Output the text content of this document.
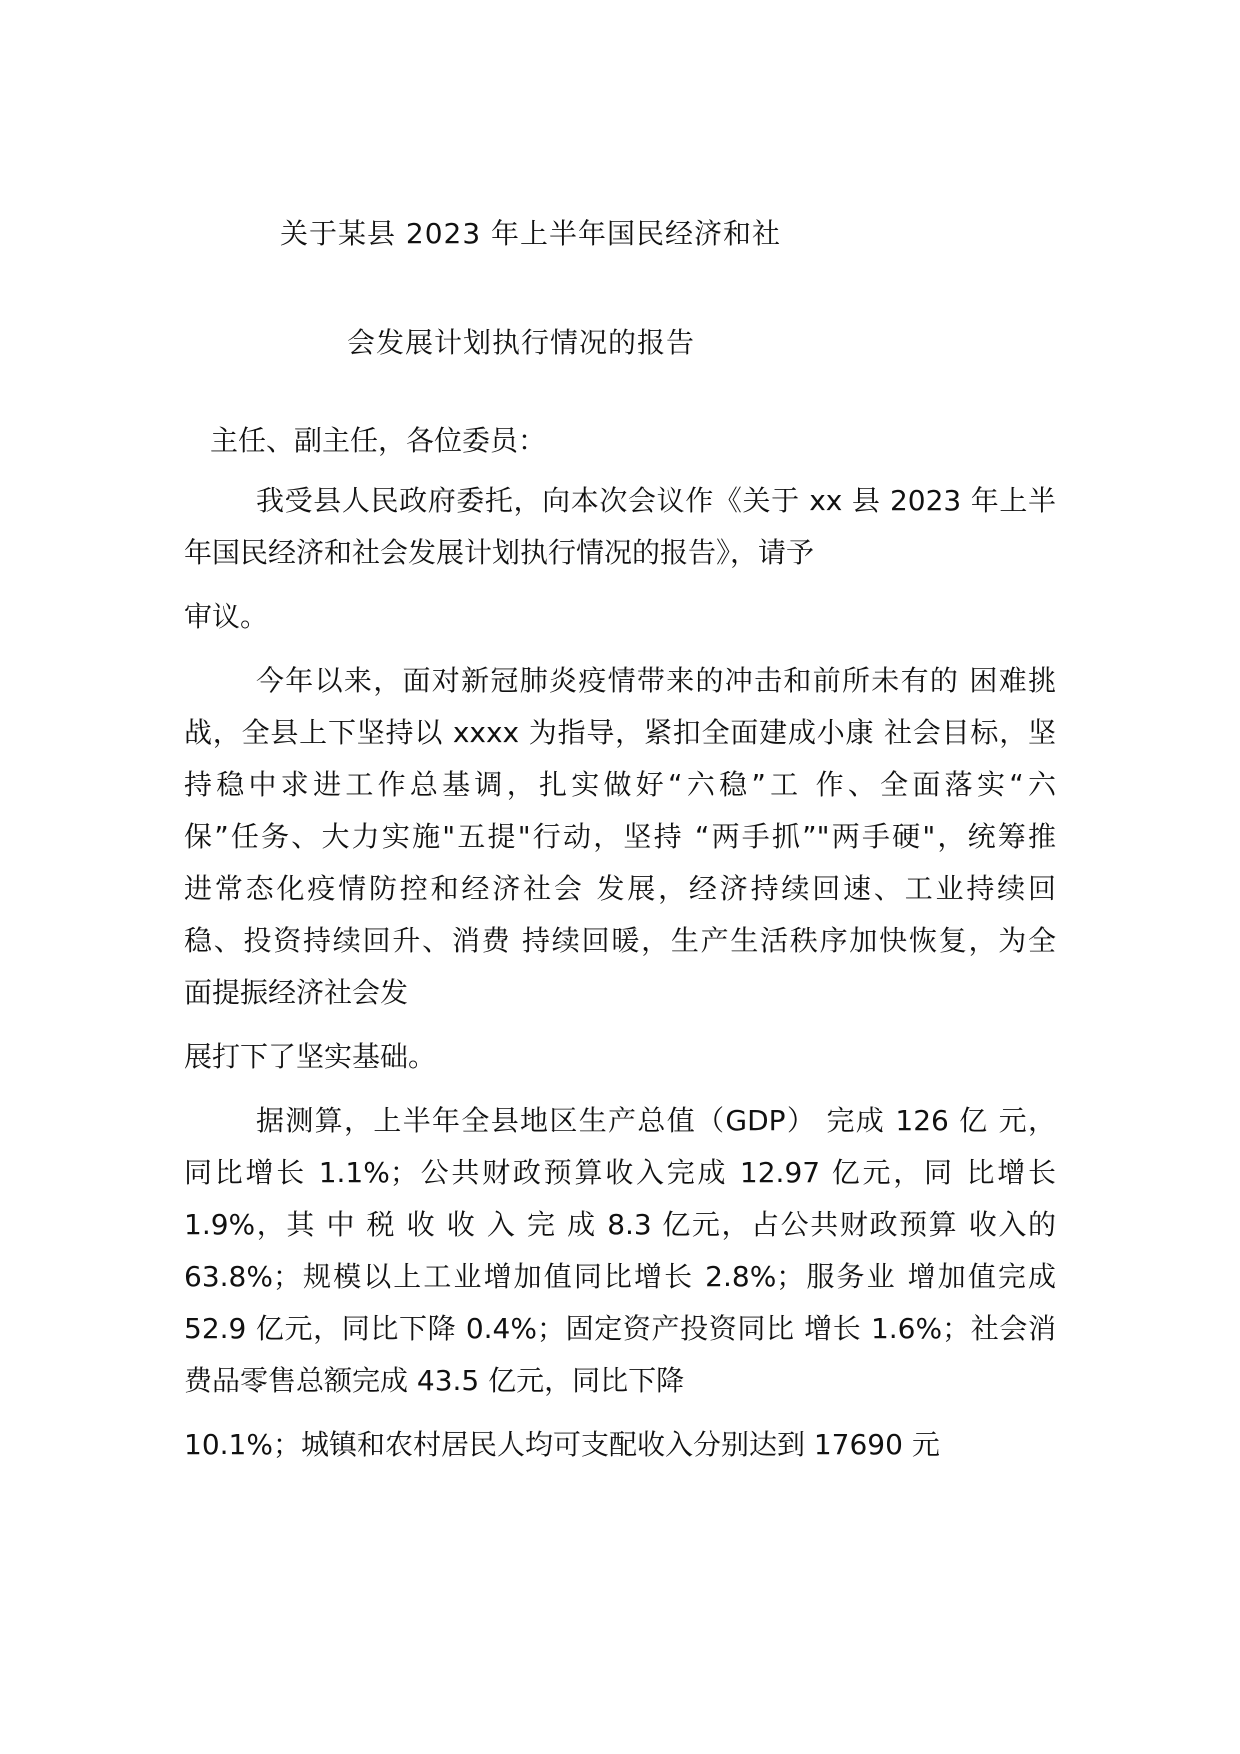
关于某县 2023 年上半年国民经济和社
会发展计划执行情况的报告
主任、副主任，各位委员：
我受县人民政府委托，向本次会议作《关于 xx 县 2023 年上半
年国民经济和社会发展计划执行情况的报告》，请予
审议。
今年以来，面对新冠肺炎疫情带来的冲击和前所未有的 困难挑
战，全县上下坚持以 xxxx 为指导，紧扣全面建成小康 社会目标，坚
持稳中求进工作总基调，扎实做好“六稳”工 作、全面落实“六
保”任务、大力实施"五提"行动，坚持 “两手抓”"两手硬"，统筹推
进常态化疫情防控和经济社会 发展，经济持续回速、工业持续回
稳、投资持续回升、消费 持续回暖，生产生活秩序加快恢复，为全
面提振经济社会发
展打下了坚实基础。
据测算，上半年全县地区生产总值（GDP） 完成 126 亿 元，
同比增长 1.1%；公共财政预算收入完成 12.97 亿元，同 比增长
1.9%，其 中 税 收 收 入 完 成 8.3 亿元，占公共财政预算 收入的
63.8%；规模以上工业增加值同比增长 2.8%；服务业 增加值完成
52.9 亿元，同比下降 0.4%；固定资产投资同比 增长 1.6%；社会消
费品零售总额完成 43.5 亿元，同比下降
10.1%；城镇和农村居民人均可支配收入分别达到 17690 元
